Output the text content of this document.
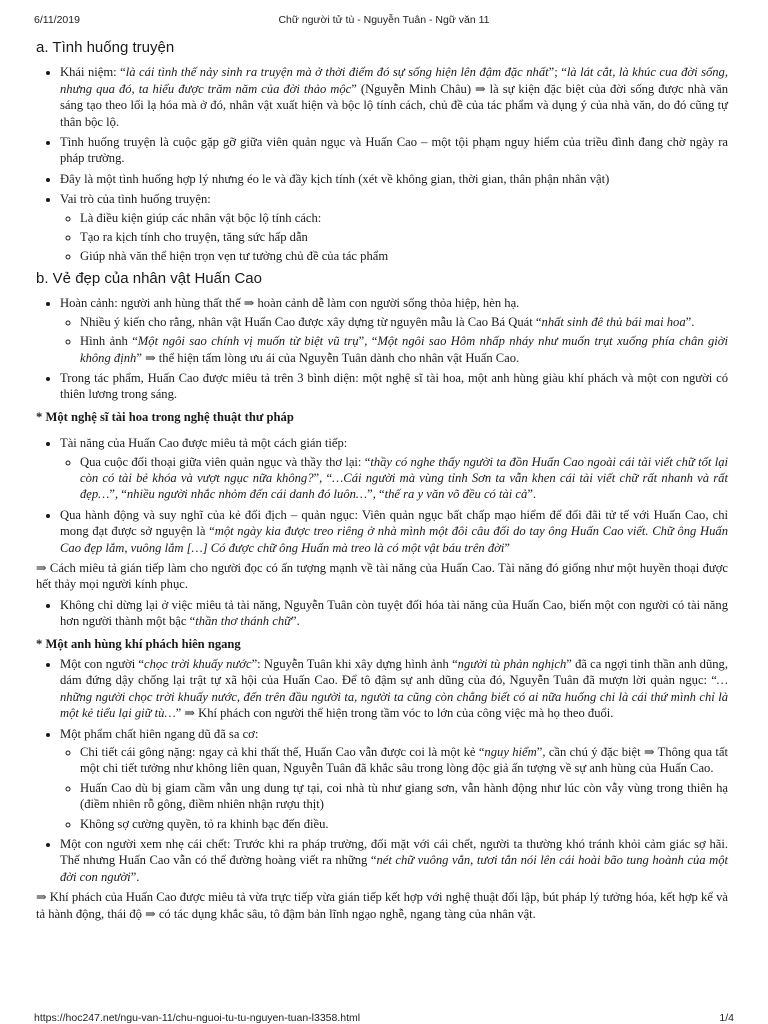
6/11/2019	Chữ người tử tù - Nguyễn Tuân - Ngữ văn 11
a. Tình huống truyện
• Khái niệm: “là cái tình thế nảy sinh ra truyện mà ở thời điểm đó sự sống hiện lên đậm đặc nhất”; “là lát cắt, là khúc cua đời sống, nhưng qua đó, ta hiểu được trăm năm của đời thảo mộc” (Nguyễn Minh Châu) ⇒ là sự kiện đặc biệt của đời sống được nhà văn sáng tạo theo lối lạ hóa mà ở đó, nhân vật xuất hiện và bộc lộ tính cách, chủ đề của tác phẩm và dụng ý của nhà văn, do đó cũng tự thân bộc lộ.
• Tình huống truyện là cuộc gặp gỡ giữa viên quản ngục và Huấn Cao – một tội phạm nguy hiểm của triều đình đang chờ ngày ra pháp trường.
• Đây là một tình huống hợp lý nhưng éo le và đầy kịch tính (xét về không gian, thời gian, thân phận nhân vật)
• Vai trò của tình huống truyện:
◦ Là điều kiện giúp các nhân vật bộc lộ tính cách:
◦ Tạo ra kịch tính cho truyện, tăng sức hấp dẫn
◦ Giúp nhà văn thể hiện trọn vẹn tư tưởng chủ đề của tác phẩm
b. Vẻ đẹp của nhân vật Huấn Cao
• Hoàn cảnh: người anh hùng thất thế ⇒ hoàn cảnh dễ làm con người sống thỏa hiệp, hèn hạ.
◦ Nhiều ý kiến cho rằng, nhân vật Huấn Cao được xây dựng từ nguyên mẫu là Cao Bá Quát “nhất sinh đê thủ bái mai hoa”.
◦ Hình ảnh “Một ngôi sao chính vị muốn từ biệt vũ trụ”, “Một ngôi sao Hôm nhấp nháy như muốn trụt xuống phía chân giời không định” ⇒ thể hiện tấm lòng ưu ái của Nguyễn Tuân dành cho nhân vật Huấn Cao.
• Trong tác phẩm, Huấn Cao được miêu tả trên 3 bình diện: một nghệ sĩ tài hoa, một anh hùng giàu khí phách và một con người có thiên lương trong sáng.
* Một nghệ sĩ tài hoa trong nghệ thuật thư pháp
• Tài năng của Huấn Cao được miêu tả một cách gián tiếp:
◦ Qua cuộc đối thoại giữa viên quản ngục và thầy thơ lại: “thầy có nghe thấy người ta đồn Huấn Cao ngoài cái tài viết chữ tốt lại còn có tài bẻ khóa và vượt ngục nữa không?”, “…Cái người mà vùng tỉnh Sơn ta vẫn khen cái tài viết chữ rất nhanh và rất đẹp…”, “nhiều người nhắc nhỏm đến cái danh đó luôn…”, “thế ra y văn võ đều có tài cả”.
• Qua hành động và suy nghĩ của kẻ đối địch – quản ngục: Viên quản ngục bất chấp mạo hiểm để đối đãi tử tế với Huấn Cao, chỉ mong đạt được sở nguyện là “một ngày kia được treo riêng ở nhà mình một đôi câu đối do tay ông Huấn Cao viết. Chữ ông Huấn Cao đẹp lắm, vuông lắm […] Có được chữ ông Huấn mà treo là có một vật báu trên đời”

⇒ Cách miêu tả gián tiếp làm cho người đọc có ấn tượng mạnh về tài năng của Huấn Cao. Tài năng đó giống như một huyền thoại được hết thảy mọi người kính phục.

• Không chỉ dừng lại ở việc miêu tả tài năng, Nguyễn Tuân còn tuyệt đối hóa tài năng của Huấn Cao, biến một con người có tài năng hơn người thành một bậc “thần thơ thánh chữ”.
* Một anh hùng khí phách hiên ngang
• Một con người “chọc trời khuấy nước”: Nguyễn Tuân khi xây dựng hình ảnh “người tù phản nghịch” đã ca ngợi tinh thần anh dũng, dám đứng dậy chống lại trật tự xã hội của Huấn Cao. Để tô đậm sự anh dũng của đó, Nguyễn Tuân đã mượn lời quản ngục: “… những người chọc trời khuấy nước, đến trên đầu người ta, người ta cũng còn chẳng biết có ai nữa huống chi là cái thứ mình chỉ là một kẻ tiểu lại giữ tù…” ⇒ Khí phách con người thể hiện trong tầm vóc to lớn của công việc mà họ theo đuổi.
• Một phẩm chất hiên ngang dũ đã sa cơ:
◦ Chi tiết cái gông nặng: ngay cả khi thất thế, Huấn Cao vẫn được coi là một kẻ “nguy hiểm”, cần chú ý đặc biệt ⇒ Thông qua tất một chi tiết tưởng như không liên quan, Nguyễn Tuân đã khắc sâu trong lòng độc giả ấn tượng về sự anh hùng của Huấn Cao.
◦ Huấn Cao dù bị giam cầm vẫn ung dung tự tại, coi nhà tù như giang sơn, vẫn hành động như lúc còn vẫy vùng trong thiên hạ (điềm nhiên rỗ gông, điềm nhiên nhận rượu thịt)
◦ Không sợ cường quyền, tỏ ra khinh bạc đến điều.
• Một con người xem nhẹ cái chết: Trước khi ra pháp trường, đối mặt với cái chết, người ta thường khó tránh khỏi cảm giác sợ hãi. Thế nhưng Huấn Cao vẫn có thể đường hoàng viết ra những “nét chữ vuông vắn, tươi tắn nói lên cái hoài bão tung hoành của một đời con người”.

⇒ Khí phách của Huấn Cao được miêu tả vừa trực tiếp vừa gián tiếp kết hợp với nghệ thuật đối lập, bút pháp lý tưởng hóa, kết hợp kể và tả hành động, thái độ ⇒ có tác dụng khắc sâu, tô đậm bản lĩnh ngạo nghễ, ngang tàng của nhân vật.

https://hoc247.net/ngu-van-11/chu-nguoi-tu-tu-nguyen-tuan-l3358.html	1/4
